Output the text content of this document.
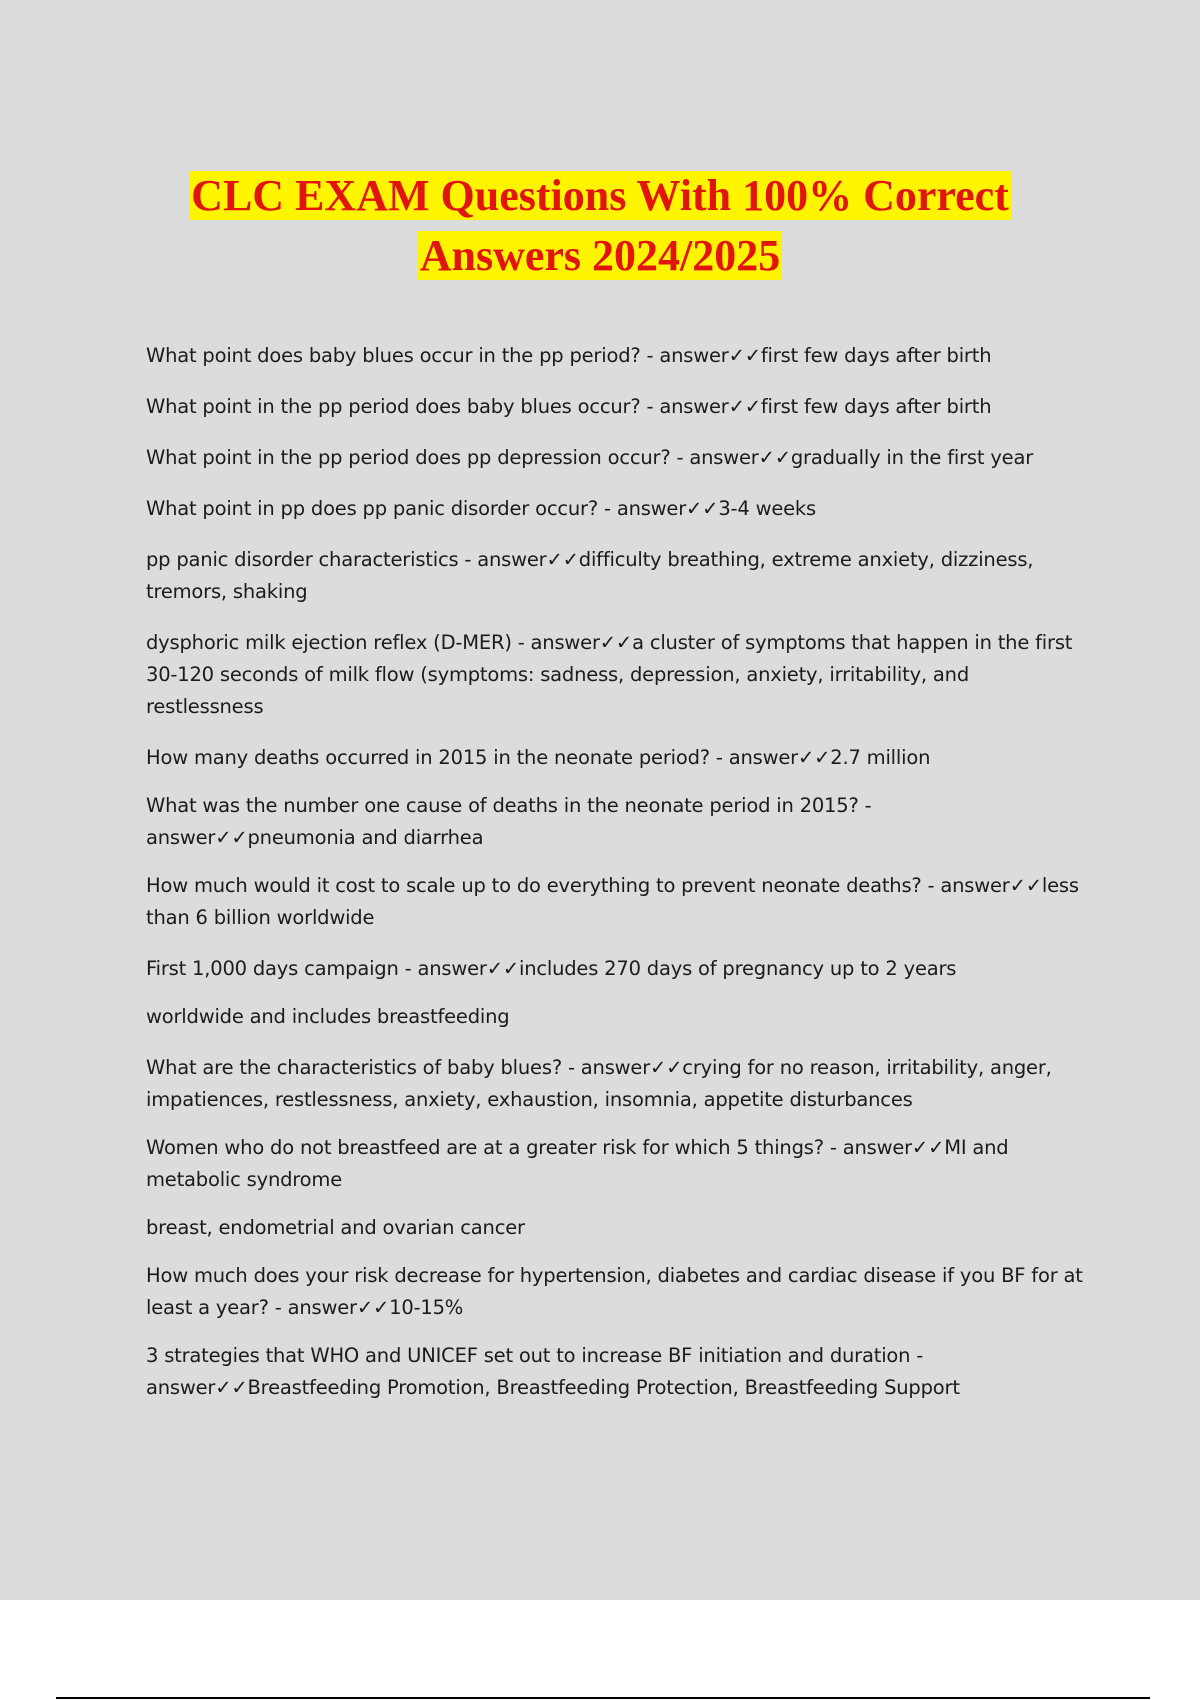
CLC EXAM Questions With 100% Correct
Answers 2024/2025

What point does baby blues occur in the pp period? - answer✓✓first few days after birth

What point in the pp period does baby blues occur? - answer✓✓first few days after birth

What point in the pp period does pp depression occur? - answer✓✓gradually in the first year

What point in pp does pp panic disorder occur? - answer✓✓3-4 weeks

pp panic disorder characteristics - answer✓✓difficulty breathing, extreme anxiety, dizziness, tremors, shaking

dysphoric milk ejection reflex (D-MER) - answer✓✓a cluster of symptoms that happen in the first 30-120 seconds of milk flow (symptoms: sadness, depression, anxiety, irritability, and restlessness

How many deaths occurred in 2015 in the neonate period? - answer✓✓2.7 million

What was the number one cause of deaths in the neonate period in 2015? - answer✓✓pneumonia and diarrhea

How much would it cost to scale up to do everything to prevent neonate deaths? - answer✓✓less than 6 billion worldwide

First 1,000 days campaign - answer✓✓includes 270 days of pregnancy up to 2 years

worldwide and includes breastfeeding

What are the characteristics of baby blues? - answer✓✓crying for no reason, irritability, anger, impatiences, restlessness, anxiety, exhaustion, insomnia, appetite disturbances

Women who do not breastfeed are at a greater risk for which 5 things? - answer✓✓MI and metabolic syndrome

breast, endometrial and ovarian cancer

How much does your risk decrease for hypertension, diabetes and cardiac disease if you BF for at least a year? - answer✓✓10-15%

3 strategies that WHO and UNICEF set out to increase BF initiation and duration - answer✓✓Breastfeeding Promotion, Breastfeeding Protection, Breastfeeding Support
